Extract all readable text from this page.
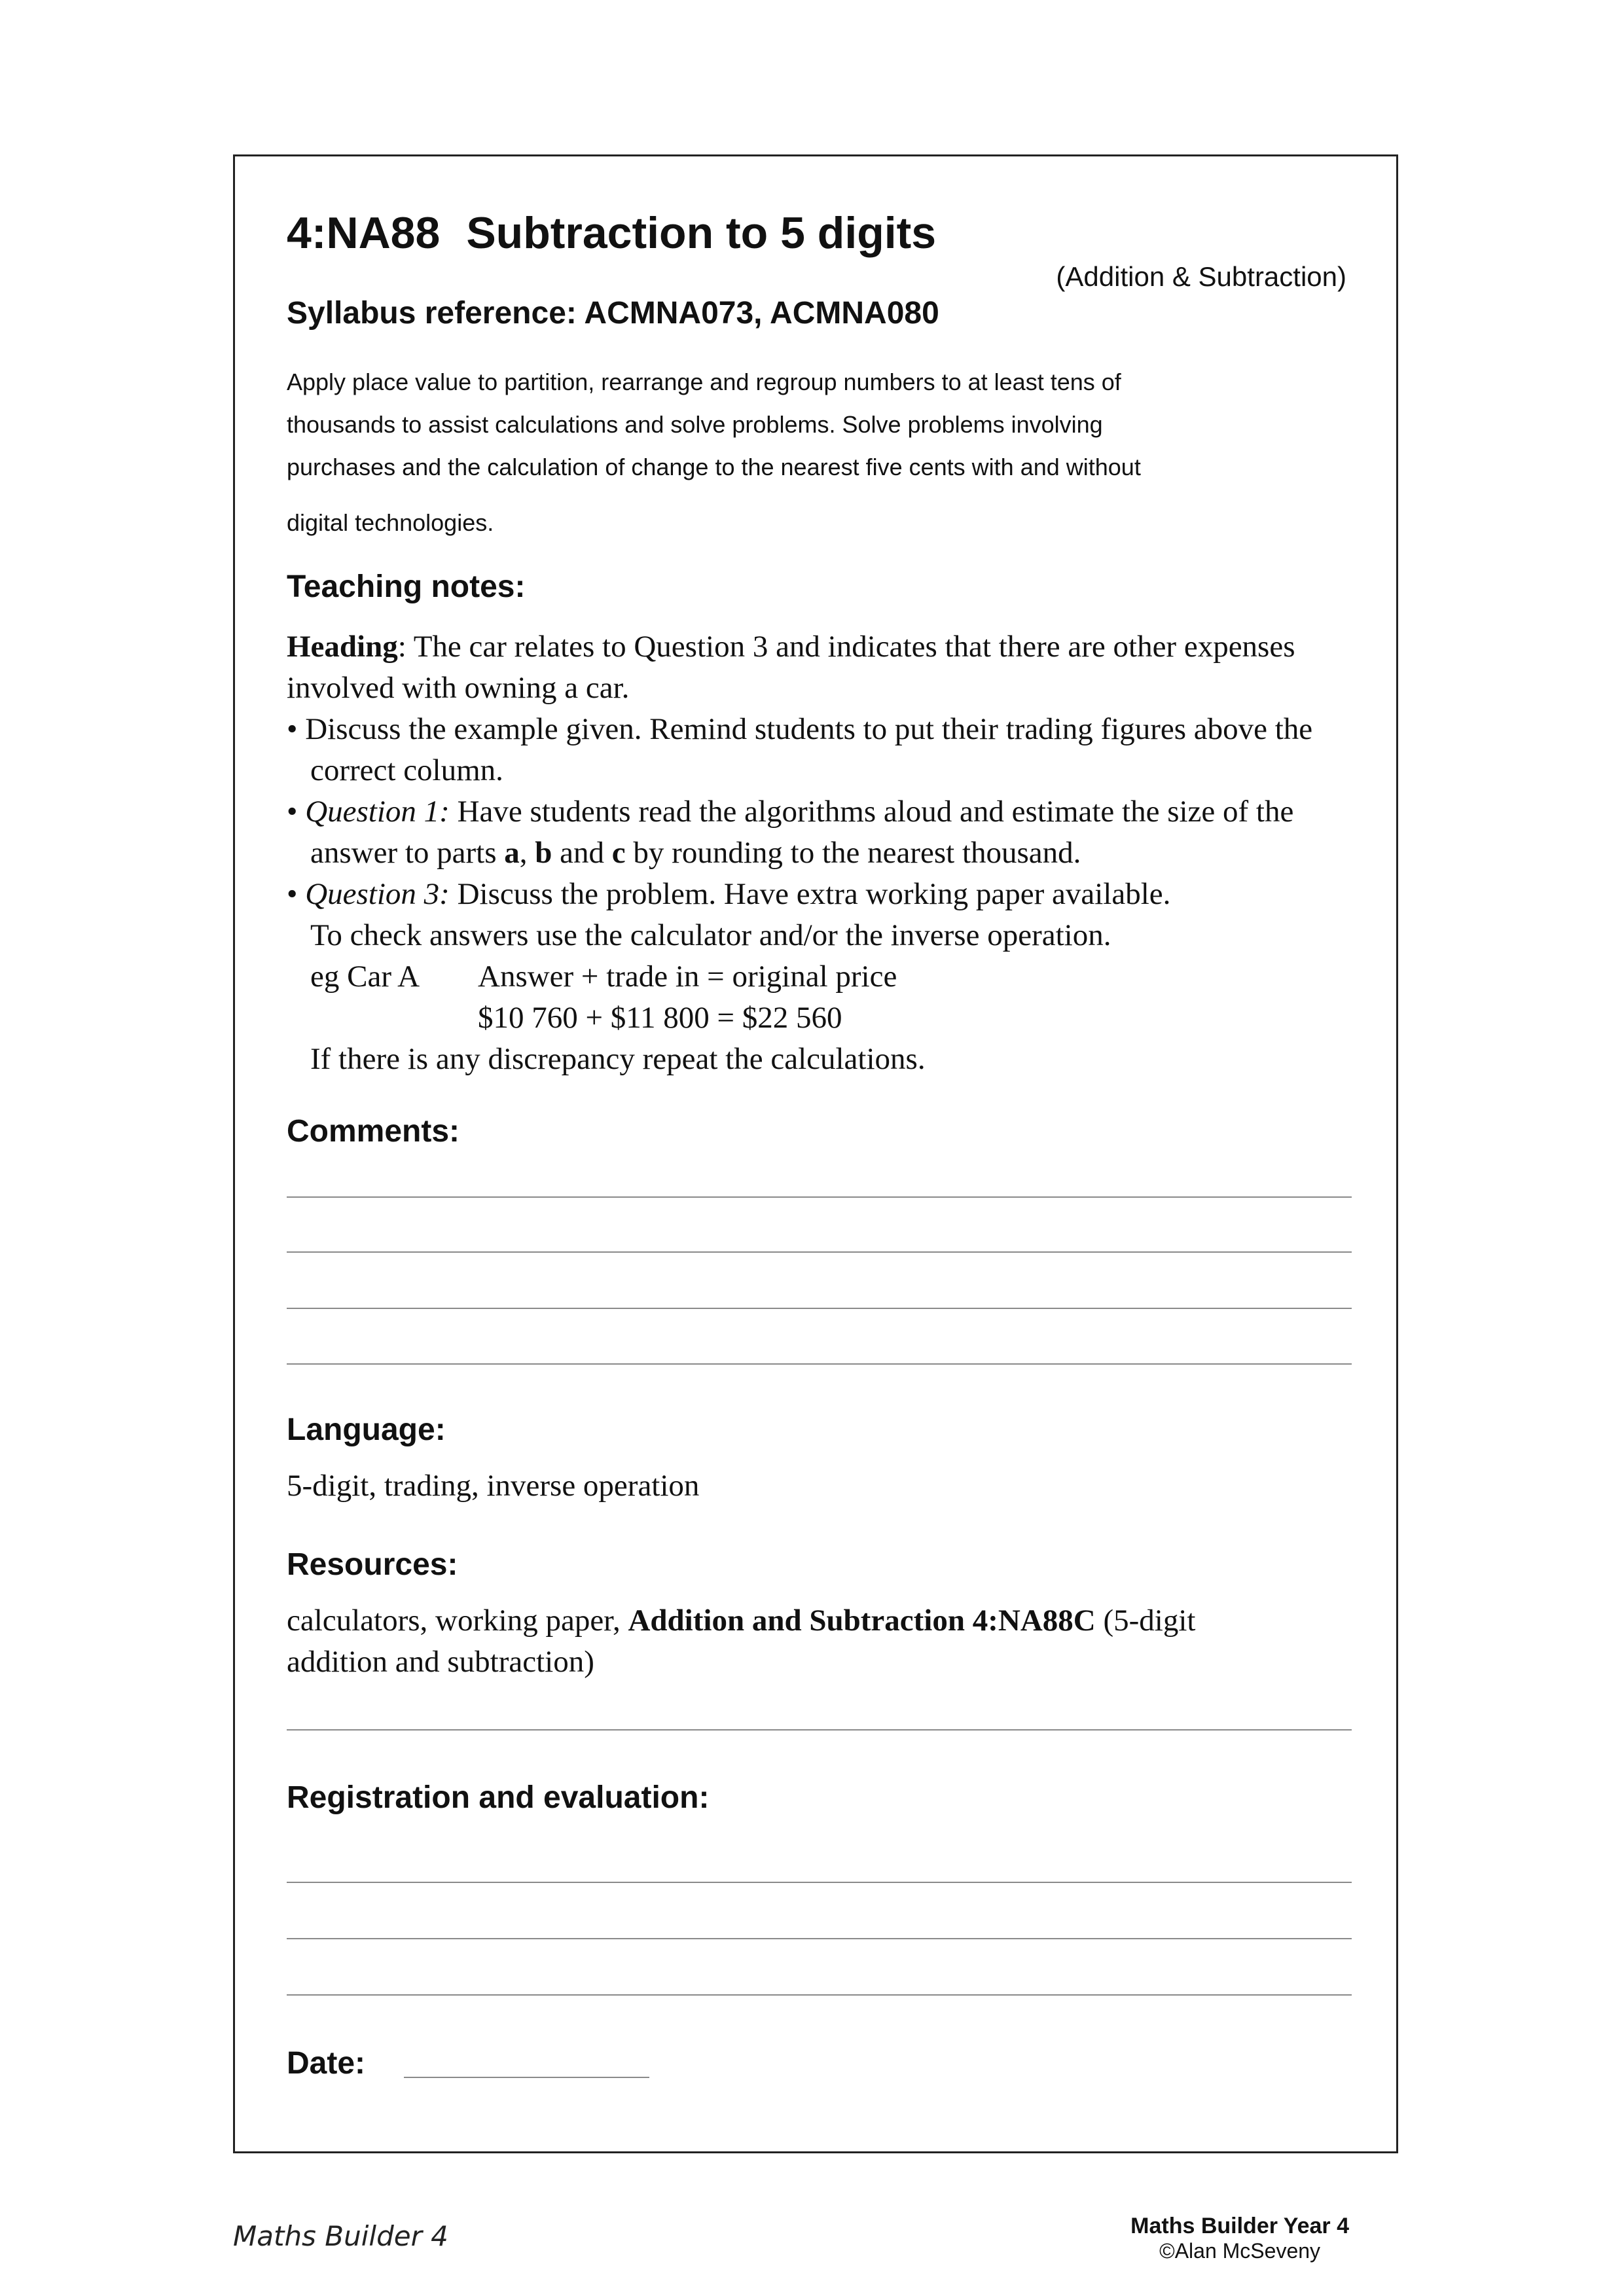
4:NA88 Subtraction to 5 digits
(Addition & Subtraction)
Syllabus reference: ACMNA073, ACMNA080
Apply place value to partition, rearrange and regroup numbers to at least tens of
thousands to assist calculations and solve problems. Solve problems involving
purchases and the calculation of change to the nearest five cents with and without

digital technologies.
Teaching notes:

Heading: The car relates to Question 3 and indicates that there are other expenses involved with owning a car.

• Discuss the example given. Remind students to put their trading figures above the correct column.

• Question 1: Have students read the algorithms aloud and estimate the size of the answer to parts a, b and c by rounding to the nearest thousand.

• Question 3: Discuss the problem. Have extra working paper available.

To check answers use the calculator and/or the inverse operation.

eg Car A Answer + trade in = original price

$10 760 + $11 800 = $22 560

If there is any discrepancy repeat the calculations.

Comments:
Language:
5-digit, trading, inverse operation
Resources:
calculators, working paper, Addition and Subtraction 4:NA88C (5-digit addition and subtraction)
Registration and evaluation:
Date:
Maths Builder 4	Maths Builder Year 4
©Alan McSeveny
